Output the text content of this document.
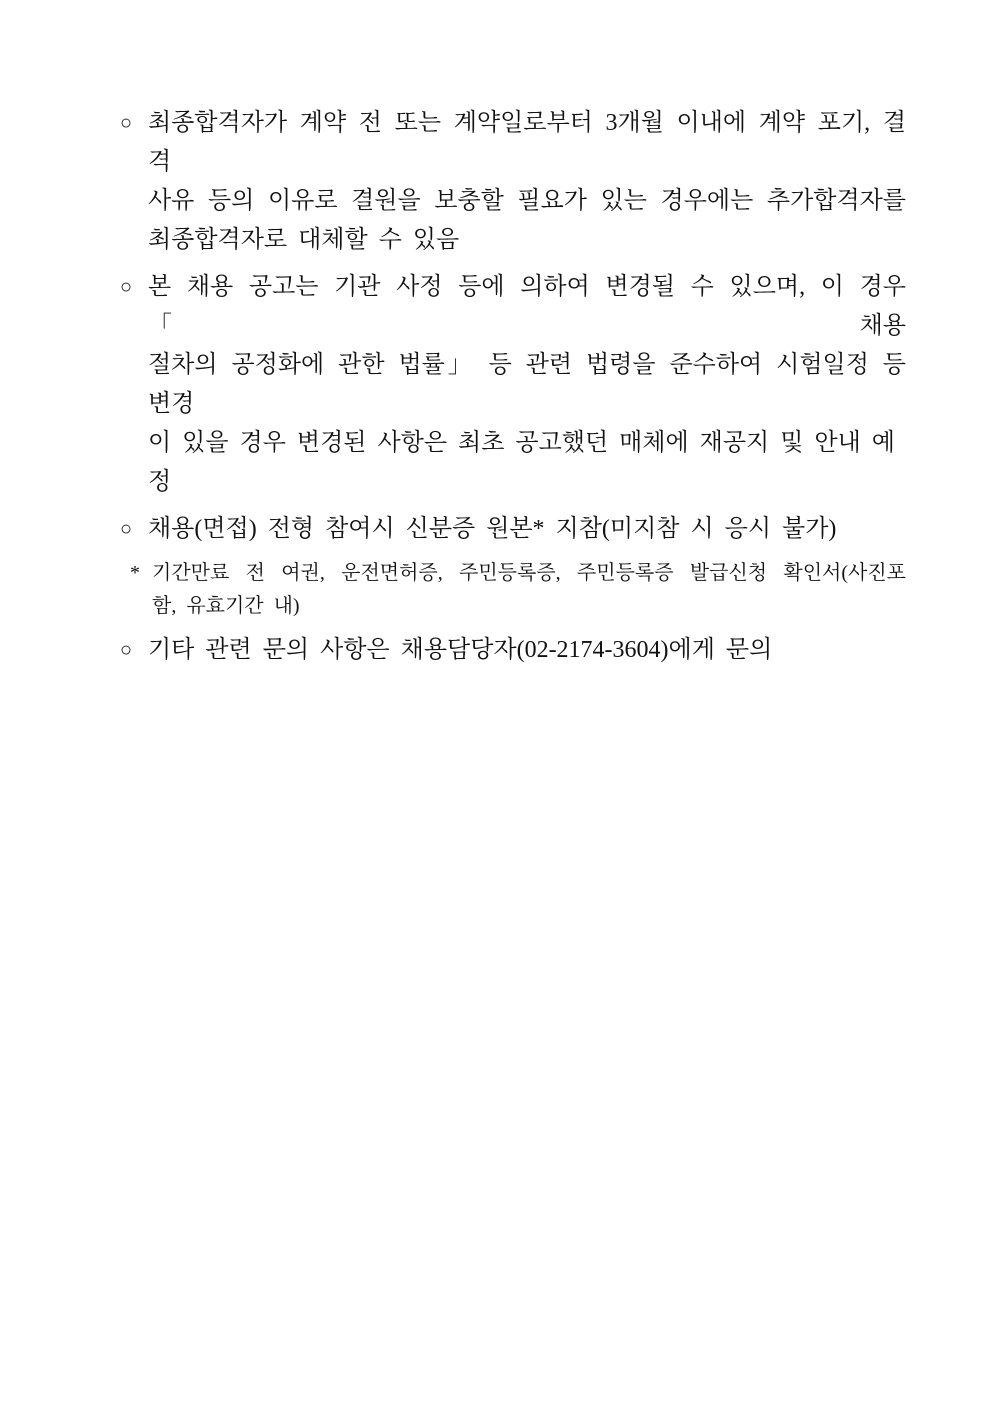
○ 최종합격자가 계약 전 또는 계약일로부터 3개월 이내에 계약 포기, 결격
사유 등의 이유로 결원을 보충할 필요가 있는 경우에는 추가합격자를
최종합격자로 대체할 수 있음
○ 본 채용 공고는 기관 사정 등에 의하여 변경될 수 있으며, 이 경우 「채용
절차의 공정화에 관한 법률」 등 관련 법령을 준수하여 시험일정 등 변경
이 있을 경우 변경된 사항은 최초 공고했던 매체에 재공지 및 안내 예정
○ 채용(면접) 전형 참여시 신분증 원본* 지참(미지참 시 응시 불가)
* 기간만료 전 여권, 운전면허증, 주민등록증, 주민등록증 발급신청 확인서(사진포
함, 유효기간 내)
○ 기타 관련 문의 사항은 채용담당자(02-2174-3604)에게 문의
